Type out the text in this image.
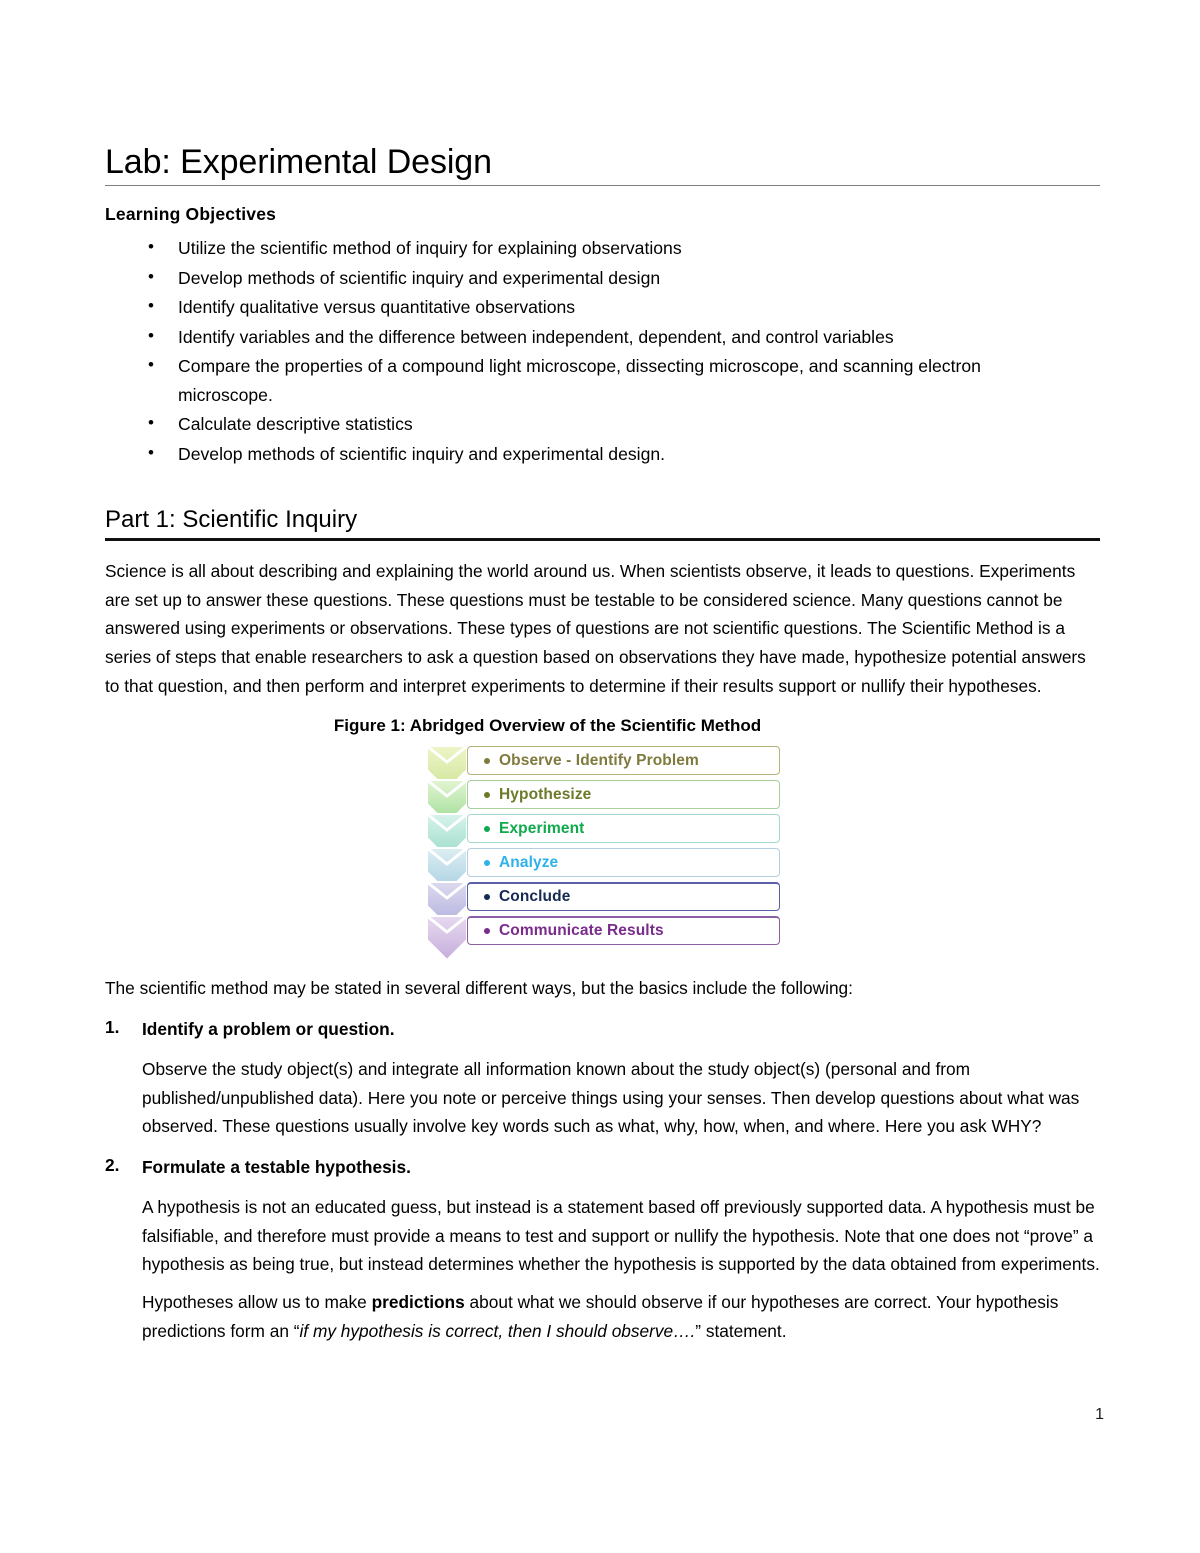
Lab: Experimental Design
Learning Objectives
• Utilize the scientific method of inquiry for explaining observations
• Develop methods of scientific inquiry and experimental design
• Identify qualitative versus quantitative observations
• Identify variables and the difference between independent, dependent, and control variables
• Compare the properties of a compound light microscope, dissecting microscope, and scanning electron microscope.
• Calculate descriptive statistics
• Develop methods of scientific inquiry and experimental design.
Part 1: Scientific Inquiry

Science is all about describing and explaining the world around us. When scientists observe, it leads to questions. Experiments are set up to answer these questions. These questions must be testable to be considered science. Many questions cannot be answered using experiments or observations. These types of questions are not scientific questions. The Scientific Method is a series of steps that enable researchers to ask a question based on observations they have made, hypothesize potential answers to that question, and then perform and interpret experiments to determine if their results support or nullify their hypotheses.

Figure 1: Abridged Overview of the Scientific Method
Observe - Identify Problem
Hypothesize
Experiment
Analyze
Conclude
Communicate Results

The scientific method may be stated in several different ways, but the basics include the following:

1. Identify a problem or question.

Observe the study object(s) and integrate all information known about the study object(s) (personal and from published/unpublished data). Here you note or perceive things using your senses. Then develop questions about what was observed. These questions usually involve key words such as what, why, how, when, and where. Here you ask WHY?

2. Formulate a testable hypothesis.

A hypothesis is not an educated guess, but instead is a statement based off previously supported data. A hypothesis must be falsifiable, and therefore must provide a means to test and support or nullify the hypothesis. Note that one does not “prove” a hypothesis as being true, but instead determines whether the hypothesis is supported by the data obtained from experiments.

Hypotheses allow us to make predictions about what we should observe if our hypotheses are correct. Your hypothesis predictions form an “if my hypothesis is correct, then I should observe….” statement.

1
